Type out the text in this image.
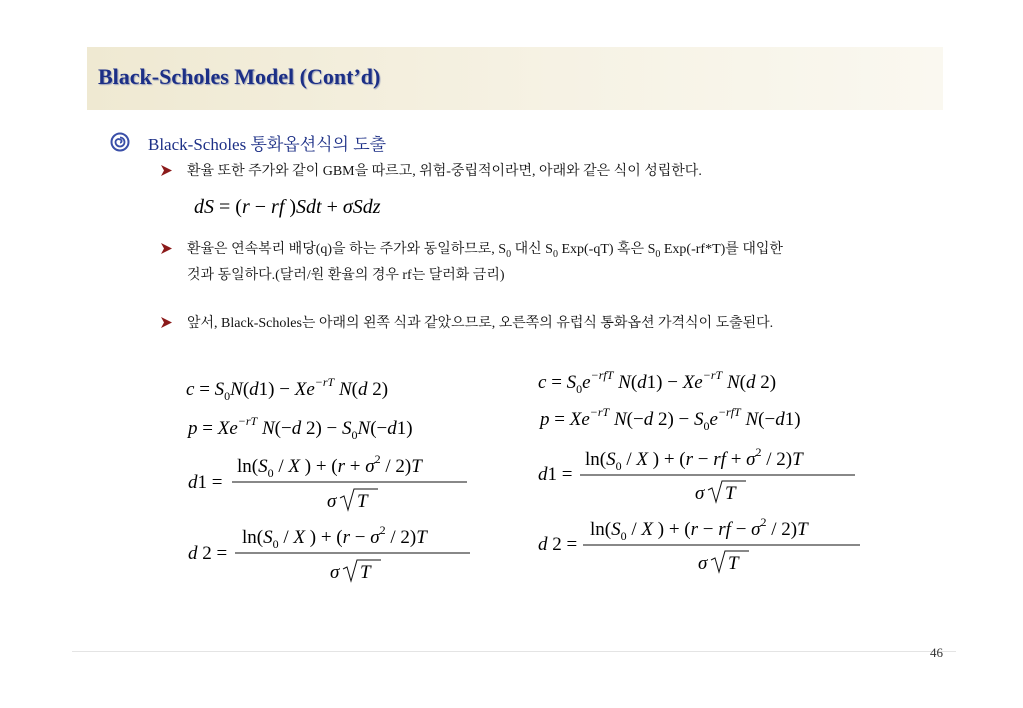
Black-Scholes Model (Cont’d)
Black-Scholes 통화옵션식의 도출
환율 또한 주가와 같이 GBM을 따르고, 위험-중립적이라면, 아래와 같은 식이 성립한다.
dS = (r − rf )Sdt + σSdz
환율은 연속복리 배당(q)을 하는 주가와 동일하므로, $S_0$ 대신 $S_0$ Exp(-qT) 혹은 $S_0$ Exp(-rf*T)를 대입한
것과 동일하다.(달러/원 환율의 경우 rf는 달러화 금리)
앞서, Black-Scholes는 아래의 왼쪽 식과 같았으므로, 오른쪽의 유럽식 통화옵션 가격식이 도출된다.
$c = S_0N(d1) - Xe^{-rT}$ N(d 2)
$p = Xe^{-rT}$ N(−d $2) - S_0N(-d1)$
$\ln(S_0$ / X ) + $(r + \sigma^2 / 2)T$
d1 =
σ T
$\ln(S_0$ / X ) + $(r - \sigma^2 / 2)T$
d 2 =
σ T
$c = S_0e^{-rfT}$ $N(d1) - Xe^{-rT}$ N(d 2)
$p = Xe^{-rT}$ N(−d $2) - S_0e^{-rfT}$ N(−d1)
$\ln(S_0$ / X ) + (r − rf + $\sigma^2 / 2)T$
d1 =
σ T
$\ln(S_0$ / X ) + (r − rf − $\sigma^2 / 2)T$
d 2 =
σ T
46
